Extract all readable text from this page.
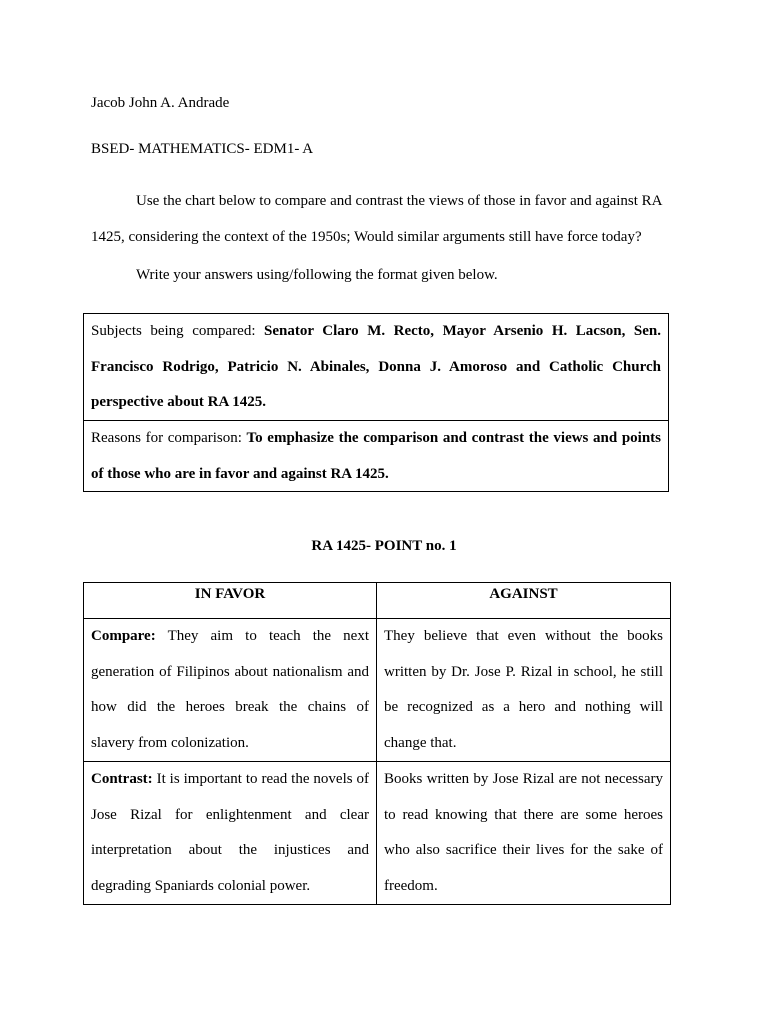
Jacob John A. Andrade
BSED- MATHEMATICS- EDM1- A
Use the chart below to compare and contrast the views of those in favor and against RA 1425, considering the context of the 1950s; Would similar arguments still have force today?
Write your answers using/following the format given below.
Subjects being compared: Senator Claro M. Recto, Mayor Arsenio H. Lacson, Sen. Francisco Rodrigo, Patricio N. Abinales, Donna J. Amoroso and Catholic Church perspective about RA 1425.
Reasons for comparison: To emphasize the comparison and contrast the views and points of those who are in favor and against RA 1425.
RA 1425- POINT no. 1
IN FAVOR	AGAINST
Compare: They aim to teach the next generation of Filipinos about nationalism and how did the heroes break the chains of slavery from colonization.	They believe that even without the books written by Dr. Jose P. Rizal in school, he still be recognized as a hero and nothing will change that.
Contrast: It is important to read the novels of Jose Rizal for enlightenment and clear interpretation about the injustices and degrading Spaniards colonial power.	Books written by Jose Rizal are not necessary to read knowing that there are some heroes who also sacrifice their lives for the sake of freedom.
